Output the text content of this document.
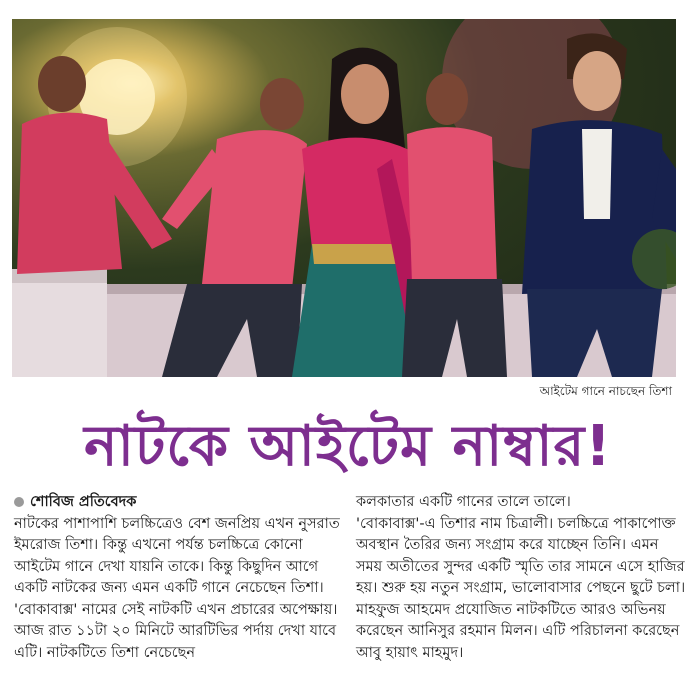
আইটেম গানে নাচছেন তিশা
নাটকে আইটেম নাম্বার!

শোবিজ প্রতিবেদক

নাটকের পাশাপাশি চলচ্চিত্রেও বেশ জনপ্রিয় এখন নুসরাত ইমরোজ তিশা। কিন্তু এখনো পর্যন্ত চলচ্চিত্রে কোনো আইটেম গানে দেখা যায়নি তাকে। কিন্তু কিছুদিন আগে একটি নাটকের জন্য এমন একটি গানে নেচেছেন তিশা।

'বোকাবাক্স' নামের সেই নাটকটি এখন প্রচারের অপেক্ষায়। আজ রাত ১১টা ২০ মিনিটে আরটিভির পর্দায় দেখা যাবে এটি। নাটকটিতে তিশা নেচেছেন

কলকাতার একটি গানের তালে তালে।

'বোকাবাক্স'-এ তিশার নাম চিত্রালী। চলচ্চিত্রে পাকাপোক্ত অবস্থান তৈরির জন্য সংগ্রাম করে যাচ্ছেন তিনি। এমন সময় অতীতের সুন্দর একটি স্মৃতি তার সামনে এসে হাজির হয়। শুরু হয় নতুন সংগ্রাম, ভালোবাসার পেছনে ছুটে চলা।

মাহফুজ আহমেদ প্রযোজিত নাটকটিতে আরও অভিনয় করেছেন আনিসুর রহমান মিলন। এটি পরিচালনা করেছেন আবু হায়াৎ মাহমুদ।
